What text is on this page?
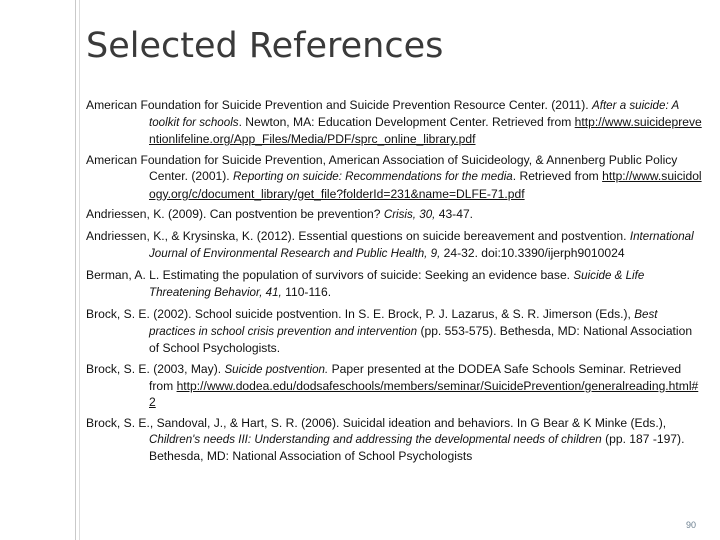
Selected References

American Foundation for Suicide Prevention and Suicide Prevention Resource Center. (2011). After a suicide: A toolkit for schools. Newton, MA: Education Development Center. Retrieved from http://www.suicidepreventionlifeline.org/App_Files/Media/PDF/sprc_online_library.pdf

American Foundation for Suicide Prevention, American Association of Suicideology, & Annenberg Public Policy Center. (2001). Reporting on suicide: Recommendations for the media. Retrieved from http://www.suicidology.org/c/document_library/get_file?folderId=231&name=DLFE-71.pdf

Andriessen, K. (2009). Can postvention be prevention? Crisis, 30, 43-47.

Andriessen, K., & Krysinska, K. (2012). Essential questions on suicide bereavement and postvention. International Journal of Environmental Research and Public Health, 9, 24-32. doi:10.3390/ijerph9010024

Berman, A. L. Estimating the population of survivors of suicide: Seeking an evidence base. Suicide & Life Threatening Behavior, 41, 110-116.

Brock, S. E. (2002). School suicide postvention. In S. E. Brock, P. J. Lazarus, & S. R. Jimerson (Eds.), Best practices in school crisis prevention and intervention (pp. 553-575). Bethesda, MD: National Association of School Psychologists.

Brock, S. E. (2003, May). Suicide postvention. Paper presented at the DODEA Safe Schools Seminar. Retrieved from http://www.dodea.edu/dodsafeschools/members/seminar/SuicidePrevention/generalreading.html#2

Brock, S. E., Sandoval, J., & Hart, S. R. (2006). Suicidal ideation and behaviors. In G Bear & K Minke (Eds.), Children's needs III: Understanding and addressing the developmental needs of children (pp. 187 -197). Bethesda, MD: National Association of School Psychologists

90
